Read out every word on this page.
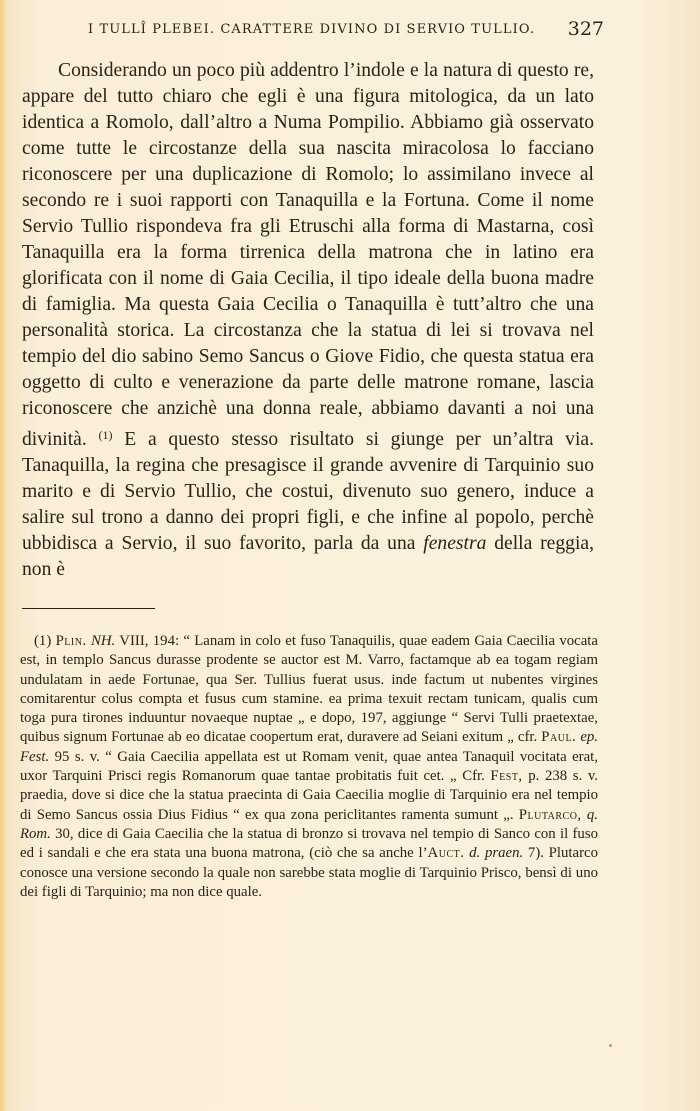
I TULLÎ PLEBEI. CARATTERE DIVINO DI SERVIO TULLIO. 327

Considerando un poco più addentro l’indole e la natura di questo re, appare del tutto chiaro che egli è una figura mitologica, da un lato identica a Romolo, dall’altro a Numa Pompilio. Abbiamo già osservato come tutte le circostanze della sua nascita miracolosa lo facciano riconoscere per una duplicazione di Romolo; lo assimilano invece al secondo re i suoi rapporti con Tanaquilla e la Fortuna. Come il nome Servio Tullio rispondeva fra gli Etruschi alla forma di Mastarna, così Tanaquilla era la forma tirrenica della matrona che in latino era glorificata con il nome di Gaia Cecilia, il tipo ideale della buona madre di famiglia. Ma questa Gaia Cecilia o Tanaquilla è tutt’altro che una personalità storica. La circostanza che la statua di lei si trovava nel tempio del dio sabino Semo Sancus o Giove Fidio, che questa statua era oggetto di culto e venerazione da parte delle matrone romane, lascia riconoscere che anzichè una donna reale, abbiamo davanti a noi una divinità. $^{(1)}$ E a questo stesso risultato si giunge per un’altra via. Tanaquilla, la regina che presagisce il grande avvenire di Tarquinio suo marito e di Servio Tullio, che costui, divenuto suo genero, induce a salire sul trono a danno dei propri figli, e che infine al popolo, perchè ubbidisca a Servio, il suo favorito, parla da una fenestra della reggia, non è

(1) Plin. NH. VIII, 194: “ Lanam in colo et fuso Tanaquilis, quae eadem Gaia Caecilia vocata est, in templo Sancus durasse prodente se auctor est M. Varro, factamque ab ea togam regiam undulatam in aede Fortunae, qua Ser. Tullius fuerat usus. inde factum ut nubentes virgines comitarentur colus compta et fusus cum stamine. ea prima texuit rectam tunicam, qualis cum toga pura tirones induuntur novaeque nuptae „ e dopo, 197, aggiunge “ Servi Tulli praetextae, quibus signum Fortunae ab eo dicatae coopertum erat, duravere ad Seiani exitum „ cfr. Paul. ep. Fest. 95 s. v. “ Gaia Caecilia appellata est ut Romam venit, quae antea Tanaquil vocitata erat, uxor Tarquini Prisci regis Romanorum quae tantae probitatis fuit cet. „ Cfr. Fest, p. 238 s. v. praedia, dove si dice che la statua praecinta di Gaia Caecilia moglie di Tarquinio era nel tempio di Semo Sancus ossia Dius Fidius “ ex qua zona periclitantes ramenta sumunt „. Plutarco, q. Rom. 30, dice di Gaia Caecilia che la statua di bronzo si trovava nel tempio di Sanco con il fuso ed i sandali e che era stata una buona matrona, (ciò che sa anche l’Auct. d. praen. 7). Plutarco conosce una versione secondo la quale non sarebbe stata moglie di Tarquinio Prisco, bensì di uno dei figli di Tarquinio; ma non dice quale.
